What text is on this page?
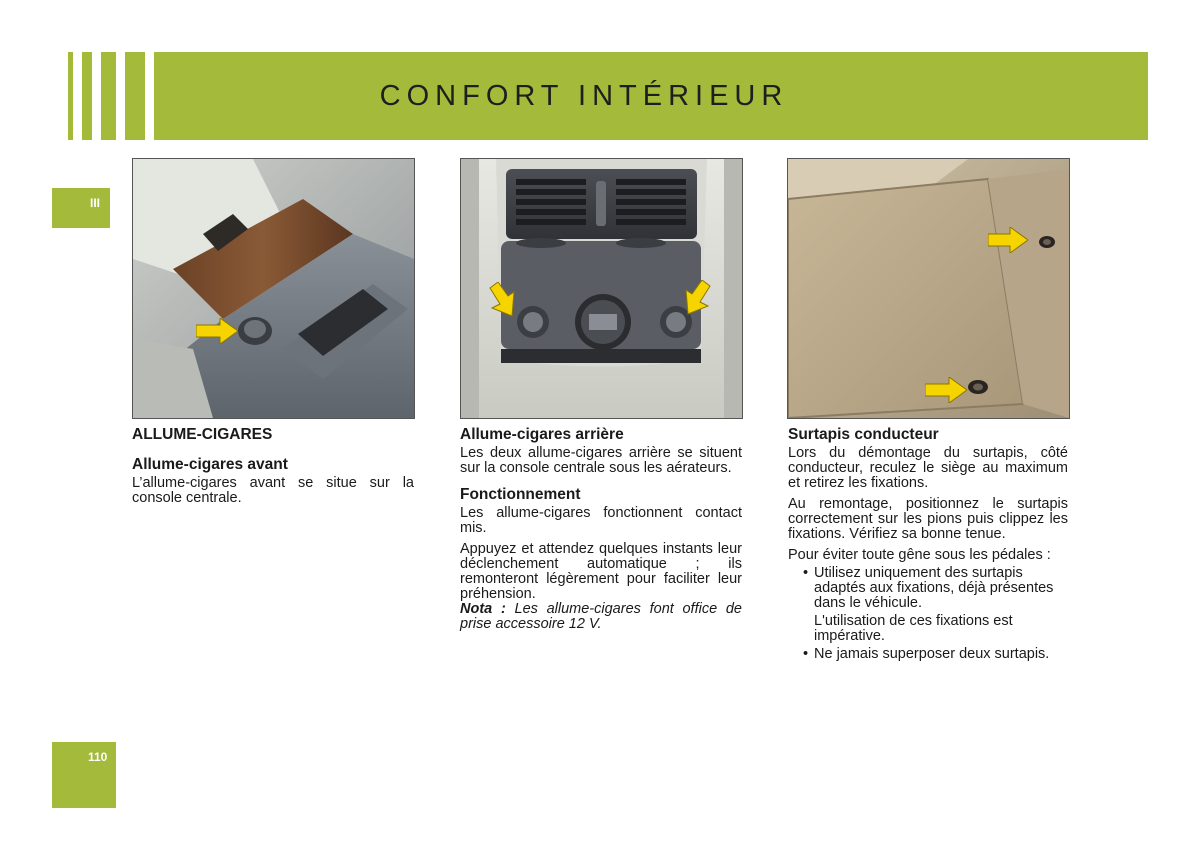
CONFORT INTÉRIEUR
III
110
ALLUME-CIGARES
Allume-cigares avant
L’allume-cigares avant se situe sur la console centrale.
Allume-cigares arrière
Les deux allume-cigares arrière se situent sur la console centrale sous les aérateurs.
Fonctionnement
Les allume-cigares fonctionnent contact mis.
Appuyez et attendez quelques instants leur déclenchement automatique ; ils remonteront légèrement pour faciliter leur préhension.

Nota : Les allume-cigares font office de prise accessoire 12 V.

Surtapis conducteur
Lors du démontage du surtapis, côté conducteur, reculez le siège au maximum et retirez les fixations.
Au remontage, positionnez le surtapis correctement sur les pions puis clippez les fixations. Vérifiez sa bonne tenue.
Pour éviter toute gêne sous les pédales :
• Utilisez uniquement des surtapis adaptés aux fixations, déjà présentes dans le véhicule.
L'utilisation de ces fixations est impérative.
• Ne jamais superposer deux surtapis.
